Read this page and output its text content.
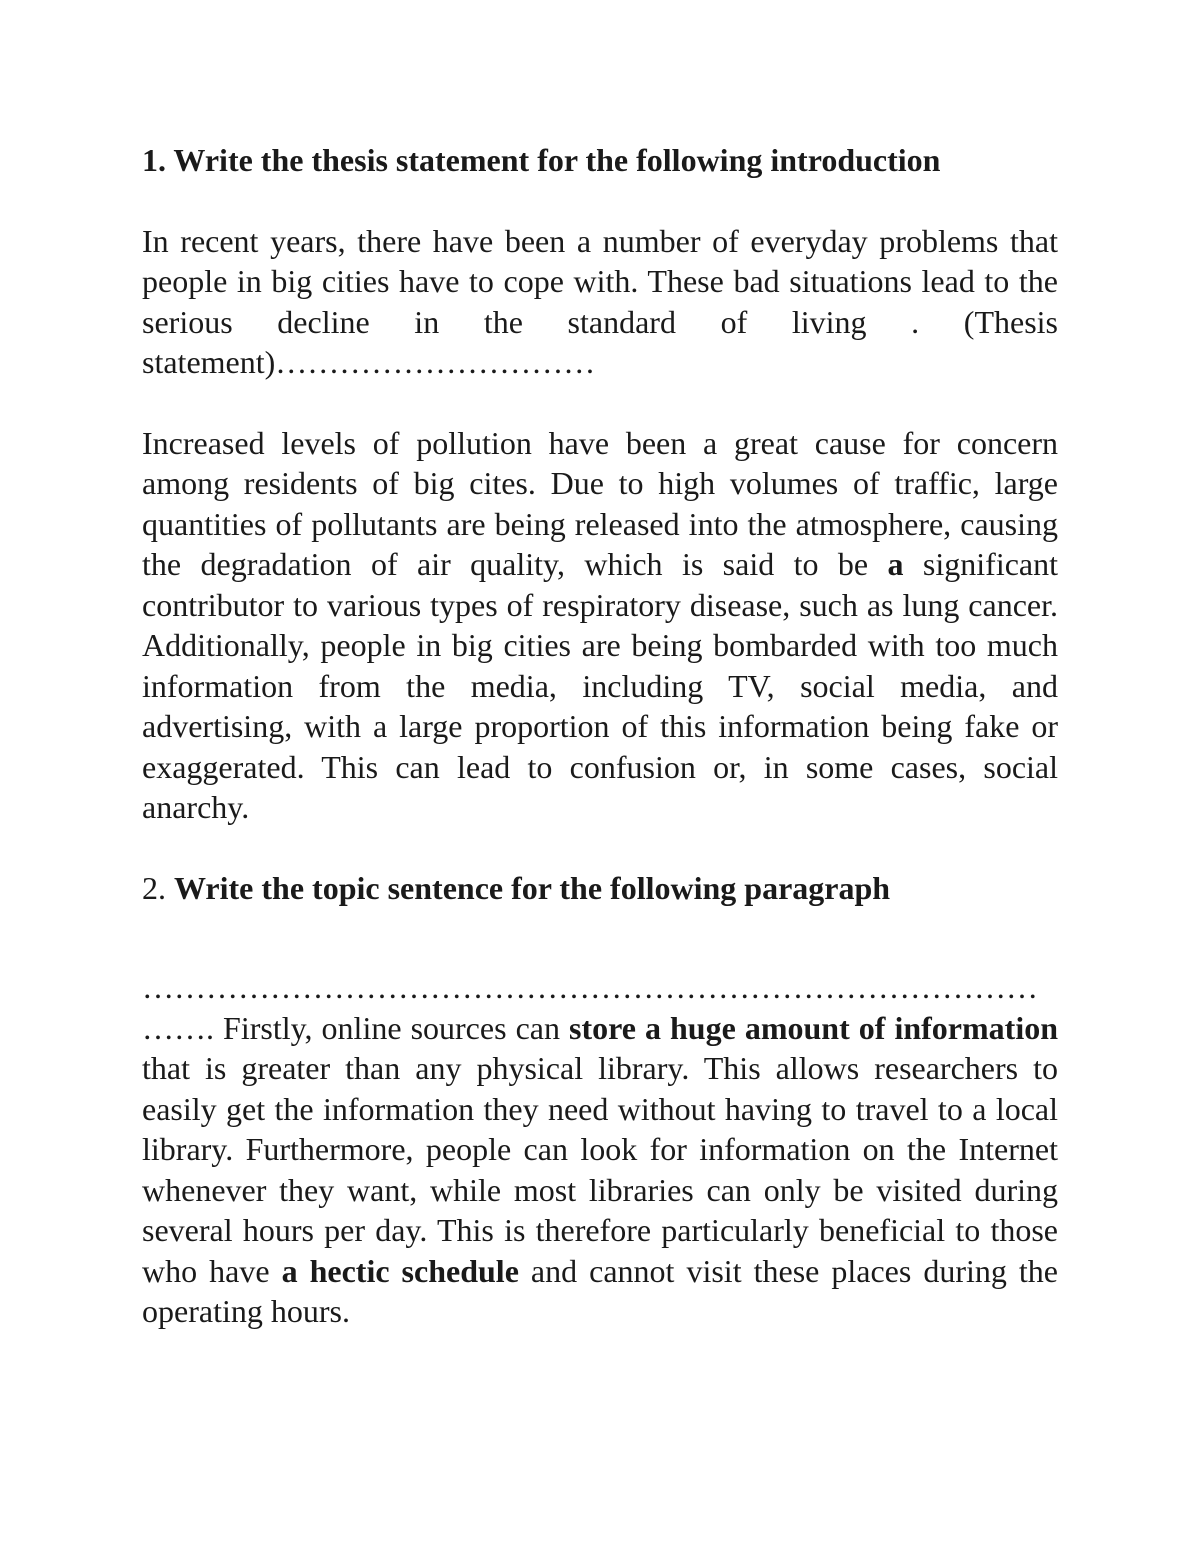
1. Write the thesis statement for the following introduction

In recent years, there have been a number of everyday problems that people in big cities have to cope with. These bad situations lead to the serious decline in the standard of living . (Thesis statement)…………………………

Increased levels of pollution have been a great cause for concern among residents of big cites. Due to high volumes of traffic, large quantities of pollutants are being released into the atmosphere, causing the degradation of air quality, which is said to be a significant contributor to various types of respiratory disease, such as lung cancer. Additionally, people in big cities are being bombarded with too much information from the media, including TV, social media, and advertising, with a large proportion of this information being fake or exaggerated. This can lead to confusion or, in some cases, social anarchy.

2. Write the topic sentence for the following paragraph

…………………………………………………………………………

……. Firstly, online sources can store a huge amount of information that is greater than any physical library. This allows researchers to easily get the information they need without having to travel to a local library. Furthermore, people can look for information on the Internet whenever they want, while most libraries can only be visited during several hours per day. This is therefore particularly beneficial to those who have a hectic schedule and cannot visit these places during the operating hours.
